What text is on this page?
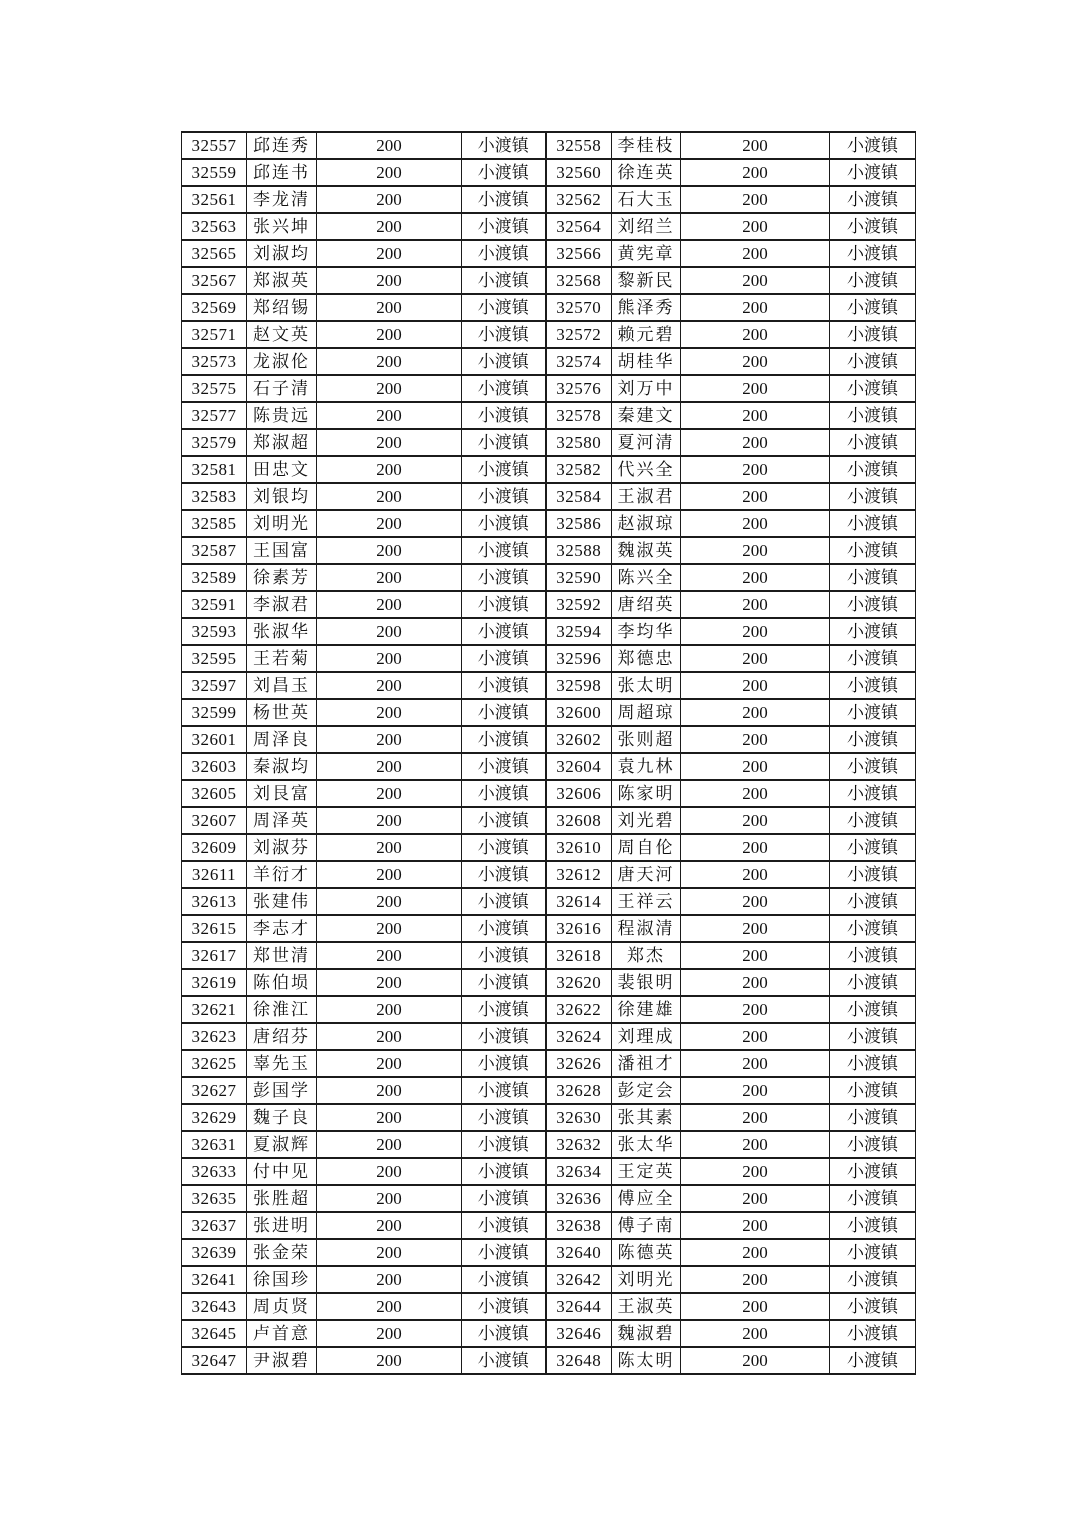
32557	邱连秀	200	小渡镇	32558	李桂枝	200	小渡镇
32559	邱连书	200	小渡镇	32560	徐连英	200	小渡镇
32561	李龙清	200	小渡镇	32562	石大玉	200	小渡镇
32563	张兴坤	200	小渡镇	32564	刘绍兰	200	小渡镇
32565	刘淑均	200	小渡镇	32566	黄宪章	200	小渡镇
32567	郑淑英	200	小渡镇	32568	黎新民	200	小渡镇
32569	郑绍锡	200	小渡镇	32570	熊泽秀	200	小渡镇
32571	赵文英	200	小渡镇	32572	赖元碧	200	小渡镇
32573	龙淑伦	200	小渡镇	32574	胡桂华	200	小渡镇
32575	石子清	200	小渡镇	32576	刘万中	200	小渡镇
32577	陈贵远	200	小渡镇	32578	秦建文	200	小渡镇
32579	郑淑超	200	小渡镇	32580	夏河清	200	小渡镇
32581	田忠文	200	小渡镇	32582	代兴全	200	小渡镇
32583	刘银均	200	小渡镇	32584	王淑君	200	小渡镇
32585	刘明光	200	小渡镇	32586	赵淑琼	200	小渡镇
32587	王国富	200	小渡镇	32588	魏淑英	200	小渡镇
32589	徐素芳	200	小渡镇	32590	陈兴全	200	小渡镇
32591	李淑君	200	小渡镇	32592	唐绍英	200	小渡镇
32593	张淑华	200	小渡镇	32594	李均华	200	小渡镇
32595	王若菊	200	小渡镇	32596	郑德忠	200	小渡镇
32597	刘昌玉	200	小渡镇	32598	张太明	200	小渡镇
32599	杨世英	200	小渡镇	32600	周超琼	200	小渡镇
32601	周泽良	200	小渡镇	32602	张则超	200	小渡镇
32603	秦淑均	200	小渡镇	32604	袁九林	200	小渡镇
32605	刘艮富	200	小渡镇	32606	陈家明	200	小渡镇
32607	周泽英	200	小渡镇	32608	刘光碧	200	小渡镇
32609	刘淑芬	200	小渡镇	32610	周自伦	200	小渡镇
32611	羊衍才	200	小渡镇	32612	唐天河	200	小渡镇
32613	张建伟	200	小渡镇	32614	王祥云	200	小渡镇
32615	李志才	200	小渡镇	32616	程淑清	200	小渡镇
32617	郑世清	200	小渡镇	32618	郑杰	200	小渡镇
32619	陈伯埙	200	小渡镇	32620	裴银明	200	小渡镇
32621	徐淮江	200	小渡镇	32622	徐建雄	200	小渡镇
32623	唐绍芬	200	小渡镇	32624	刘理成	200	小渡镇
32625	辜先玉	200	小渡镇	32626	潘祖才	200	小渡镇
32627	彭国学	200	小渡镇	32628	彭定会	200	小渡镇
32629	魏子良	200	小渡镇	32630	张其素	200	小渡镇
32631	夏淑辉	200	小渡镇	32632	张太华	200	小渡镇
32633	付中见	200	小渡镇	32634	王定英	200	小渡镇
32635	张胜超	200	小渡镇	32636	傅应全	200	小渡镇
32637	张进明	200	小渡镇	32638	傅子南	200	小渡镇
32639	张金荣	200	小渡镇	32640	陈德英	200	小渡镇
32641	徐国珍	200	小渡镇	32642	刘明光	200	小渡镇
32643	周贞贤	200	小渡镇	32644	王淑英	200	小渡镇
32645	卢首意	200	小渡镇	32646	魏淑碧	200	小渡镇
32647	尹淑碧	200	小渡镇	32648	陈太明	200	小渡镇
